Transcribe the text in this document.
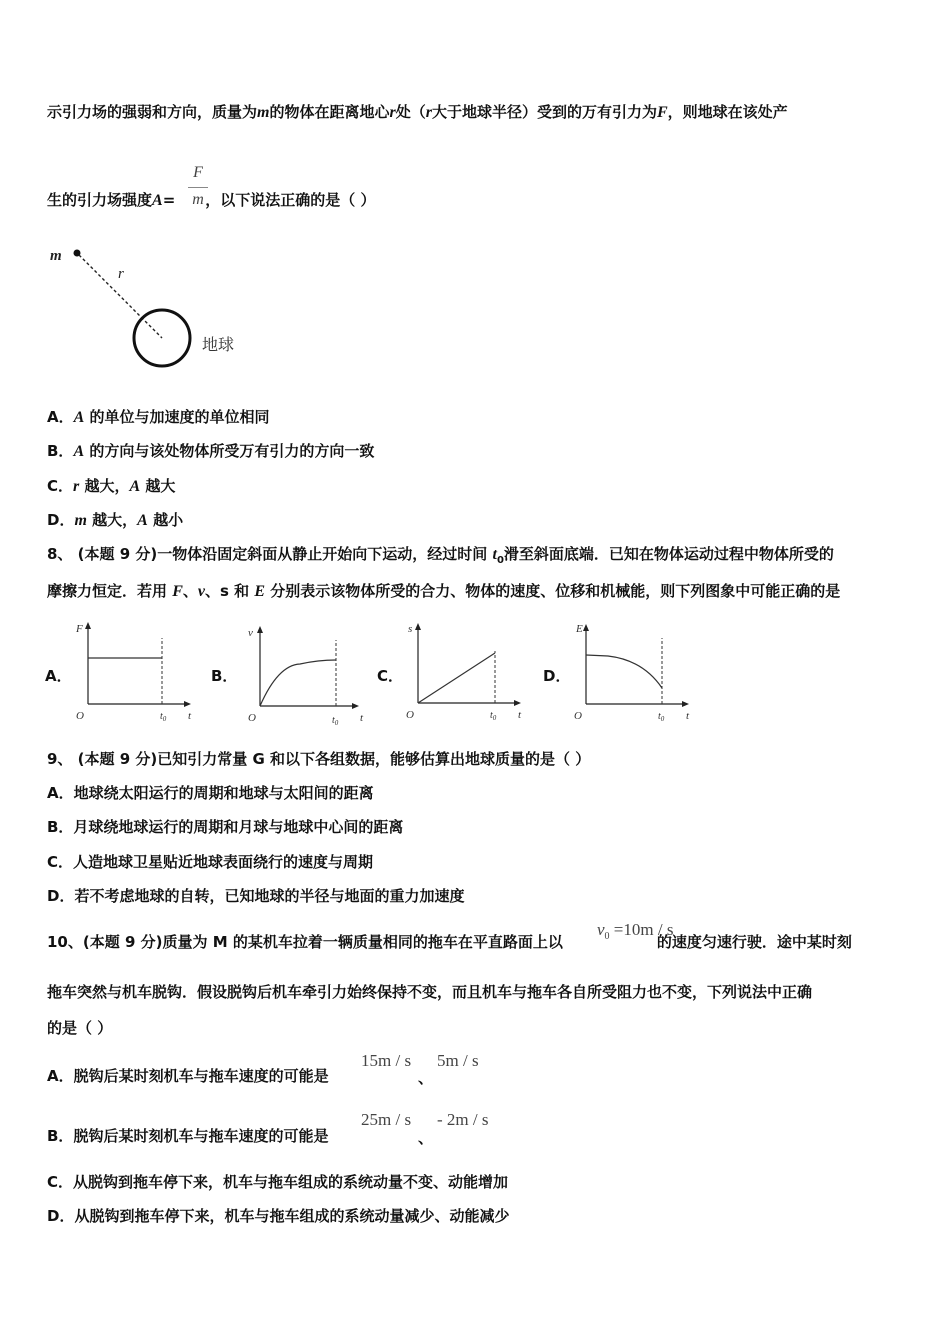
示引力场的强弱和方向，质量为m的物体在距离地心r处（r大于地球半径）受到的万有引力为F，则地球在该处产
生的引力场强度A= ，以下说法正确的是（ ）
F
m
m
r
地球
A．A 的单位与加速度的单位相同
B．A 的方向与该处物体所受万有引力的方向一致
C．r 越大，A 越大
D．m 越大，A 越小
8、 (本题 9 分)一物体沿固定斜面从静止开始向下运动，经过时间 $t_0$滑至斜面底端．已知在物体运动过程中物体所受的
摩擦力恒定．若用 F、v、s 和 E 分别表示该物体所受的合力、物体的速度、位移和机械能，则下列图象中可能正确的是
A．
F
O	t
$t_0$
B．
v
O	t
$t_0$
C．
s
O	t
$t_0$
D．
E
O	t
$t_0$
9、 (本题 9 分)已知引力常量 G 和以下各组数据，能够估算出地球质量的是（ ）
A．地球绕太阳运行的周期和地球与太阳间的距离
B．月球绕地球运行的周期和月球与地球中心间的距离
C．人造地球卫星贴近地球表面绕行的速度与周期
D．若不考虑地球的自转，已知地球的半径与地面的重力加速度
10、(本题 9 分)质量为 M 的某机车拉着一辆质量相同的拖车在平直路面上以	的速度匀速行驶．途中某时刻
$v_0 =10m / s$
拖车突然与机车脱钩．假设脱钩后机车牵引力始终保持不变，而且机车与拖车各自所受阻力也不变，下列说法中正确
的是（ ）
A．脱钩后某时刻机车与拖车速度的可能是
15m / s
、
5m / s
B．脱钩后某时刻机车与拖车速度的可能是
25m / s
、
- 2m / s
C．从脱钩到拖车停下来，机车与拖车组成的系统动量不变、动能增加
D．从脱钩到拖车停下来，机车与拖车组成的系统动量减少、动能减少
